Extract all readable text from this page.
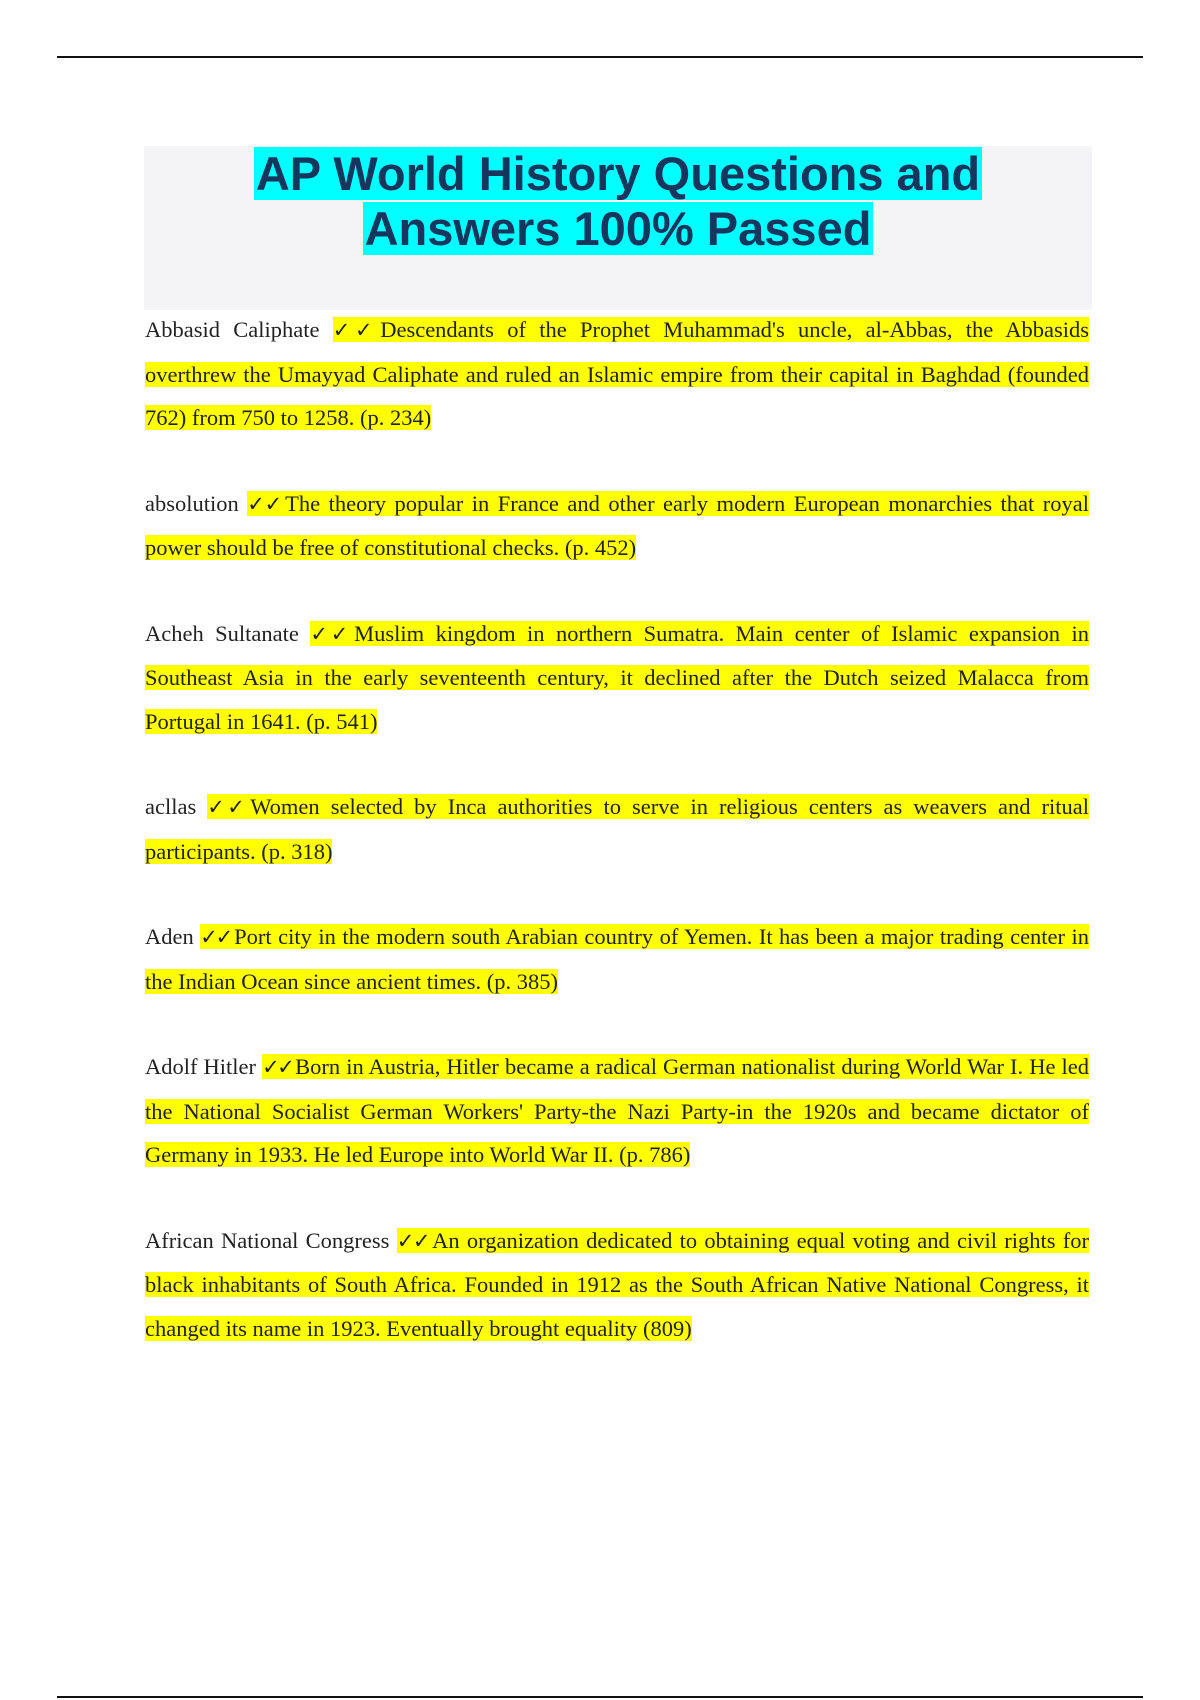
AP World History Questions and
Answers 100% Passed

Abbasid Caliphate ✓✓ Descendants of the Prophet Muhammad's uncle, al-Abbas, the Abbasids overthrew the Umayyad Caliphate and ruled an Islamic empire from their capital in Baghdad (founded 762) from 750 to 1258. (p. 234)

absolution ✓✓ The theory popular in France and other early modern European monarchies that royal power should be free of constitutional checks. (p. 452)

Acheh Sultanate ✓✓ Muslim kingdom in northern Sumatra. Main center of Islamic expansion in Southeast Asia in the early seventeenth century, it declined after the Dutch seized Malacca from Portugal in 1641. (p. 541)

acllas ✓✓ Women selected by Inca authorities to serve in religious centers as weavers and ritual participants. (p. 318)

Aden ✓✓ Port city in the modern south Arabian country of Yemen. It has been a major trading center in the Indian Ocean since ancient times. (p. 385)

Adolf Hitler ✓✓ Born in Austria, Hitler became a radical German nationalist during World War I. He led the National Socialist German Workers' Party-the Nazi Party-in the 1920s and became dictator of Germany in 1933. He led Europe into World War II. (p. 786)

African National Congress ✓✓ An organization dedicated to obtaining equal voting and civil rights for black inhabitants of South Africa. Founded in 1912 as the South African Native National Congress, it changed its name in 1923. Eventually brought equality (809)
